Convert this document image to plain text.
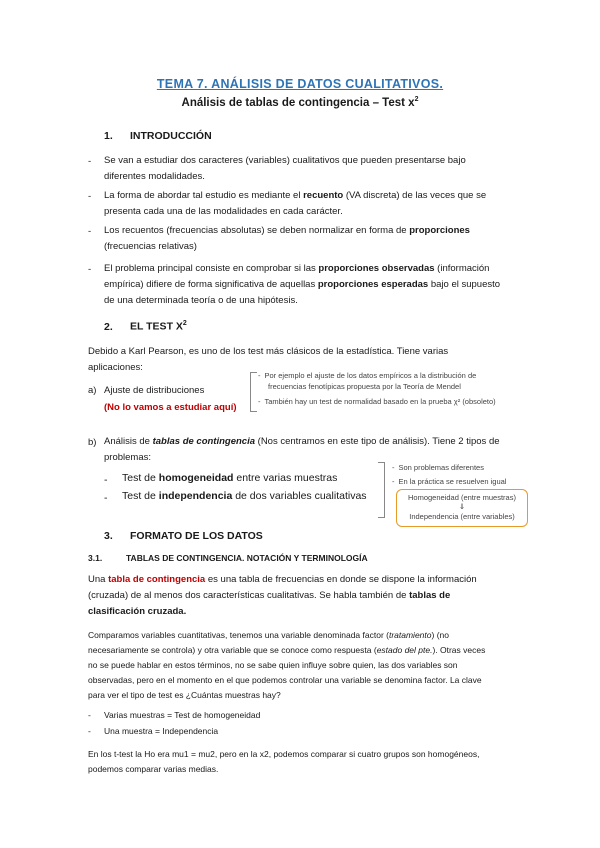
TEMA 7. ANÁLISIS DE DATOS CUALITATIVOS.
Análisis de tablas de contingencia – Test $x^2$
1. INTRODUCCIÓN
- Se van a estudiar dos caracteres (variables) cualitativos que pueden presentarse bajo
diferentes modalidades.
- La forma de abordar tal estudio es mediante el recuento (VA discreta) de las veces que se
presenta cada una de las modalidades en cada carácter.
- Los recuentos (frecuencias absolutas) se deben normalizar en forma de proporciones
(frecuencias relativas)
- El problema principal consiste en comprobar si las proporciones observadas (información
empírica) difiere de forma significativa de aquellas proporciones esperadas bajo el supuesto
de una determinada teoría o de una hipótesis.
2. EL TEST $X^2$
Debido a Karl Pearson, es uno de los test más clásicos de la estadística. Tiene varias
aplicaciones:
a) Ajuste de distribuciones
(No lo vamos a estudiar aquí)
- Por ejemplo el ajuste de los datos empíricos a la distribución de
frecuencias fenotípicas propuesta por la Teoría de Mendel
- También hay un test de normalidad basado en la prueba χ² (obsoleto)
b) Análisis de tablas de contingencia (Nos centramos en este tipo de análisis). Tiene 2 tipos de
problemas:
- Test de homogeneidad entre varias muestras
- Test de independencia de dos variables cualitativas
- Son problemas diferentes
- En la práctica se resuelven igual
Homogeneidad (entre muestras)
⇓
Independencia (entre variables)
3. FORMATO DE LOS DATOS
3.1.	TABLAS DE CONTINGENCIA. NOTACIÓN Y TERMINOLOGÍA
Una tabla de contingencia es una tabla de frecuencias en donde se dispone la información
(cruzada) de al menos dos características cualitativas. Se habla también de tablas de
clasificación cruzada.
Comparamos variables cuantitativas, tenemos una variable denominada factor (tratamiento) (no
necesariamente se controla) y otra variable que se conoce como respuesta (estado del pte.). Otras veces
no se puede hablar en estos términos, no se sabe quien influye sobre quien, las dos variables son
observadas, pero en el momento en el que podemos controlar una variable se denomina factor. La clave
para ver el tipo de test es ¿Cuántas muestras hay?
- Varias muestras = Test de homogeneidad
- Una muestra = Independencia
En los t-test la Ho era mu1 = mu2, pero en la x2, podemos comparar si cuatro grupos son homogéneos,
podemos comparar varias medias.
